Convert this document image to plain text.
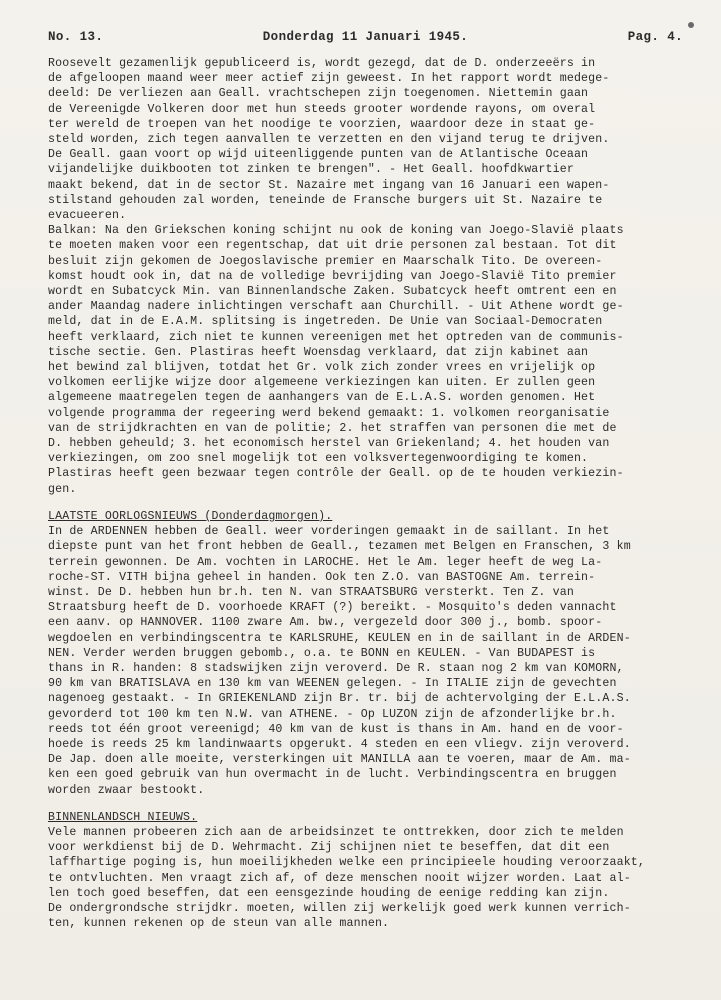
No. 13.	Donderdag 11 Januari 1945.	Pag. 4.

Roosevelt gezamenlijk gepubliceerd is, wordt gezegd, dat de D. onderzeeërs in
de afgeloopen maand weer meer actief zijn geweest. In het rapport wordt medege-
deeld: De verliezen aan Geall. vrachtschepen zijn toegenomen. Niettemin gaan
de Vereenigde Volkeren door met hun steeds grooter wordende rayons, om overal
ter wereld de troepen van het noodige te voorzien, waardoor deze in staat ge-
steld worden, zich tegen aanvallen te verzetten en den vijand terug te drijven.
De Geall. gaan voort op wijd uiteenliggende punten van de Atlantische Oceaan
vijandelijke duikbooten tot zinken te brengen". - Het Geall. hoofdkwartier
maakt bekend, dat in de sector St. Nazaire met ingang van 16 Januari een wapen-
stilstand gehouden zal worden, teneinde de Fransche burgers uit St. Nazaire te
evacueeren.

Balkan: Na den Griekschen koning schijnt nu ook de koning van Joego-Slavië plaats
te moeten maken voor een regentschap, dat uit drie personen zal bestaan. Tot dit
besluit zijn gekomen de Joegoslavische premier en Maarschalk Tito. De overeen-
komst houdt ook in, dat na de volledige bevrijding van Joego-Slavië Tito premier
wordt en Subatcyck Min. van Binnenlandsche Zaken. Subatcyck heeft omtrent een en
ander Maandag nadere inlichtingen verschaft aan Churchill. - Uit Athene wordt ge-
meld, dat in de E.A.M. splitsing is ingetreden. De Unie van Sociaal-Democraten
heeft verklaard, zich niet te kunnen vereenigen met het optreden van de communis-
tische sectie. Gen. Plastiras heeft Woensdag verklaard, dat zijn kabinet aan
het bewind zal blijven, totdat het Gr. volk zich zonder vrees en vrijelijk op
volkomen eerlijke wijze door algemeene verkiezingen kan uiten. Er zullen geen
algemeene maatregelen tegen de aanhangers van de E.L.A.S. worden genomen. Het
volgende programma der regeering werd bekend gemaakt: 1. volkomen reorganisatie
van de strijdkrachten en van de politie; 2. het straffen van personen die met de
D. hebben geheuld; 3. het economisch herstel van Griekenland; 4. het houden van
verkiezingen, om zoo snel mogelijk tot een volksvertegenwoordiging te komen.
Plastiras heeft geen bezwaar tegen contrôle der Geall. op de te houden verkiezin-
gen.

LAATSTE OORLOGSNIEUWS (Donderdagmorgen).

In de ARDENNEN hebben de Geall. weer vorderingen gemaakt in de saillant. In het
diepste punt van het front hebben de Geall., tezamen met Belgen en Franschen, 3 km
terrein gewonnen. De Am. vochten in LAROCHE. Het le Am. leger heeft de weg La-
roche-ST. VITH bijna geheel in handen. Ook ten Z.O. van BASTOGNE Am. terrein-
winst. De D. hebben hun br.h. ten N. van STRAATSBURG versterkt. Ten Z. van
Straatsburg heeft de D. voorhoede KRAFT (?) bereikt. - Mosquito's deden vannacht
een aanv. op HANNOVER. 1100 zware Am. bw., vergezeld door 300 j., bomb. spoor-
wegdoelen en verbindingscentra te KARLSRUHE, KEULEN en in de saillant in de ARDEN-
NEN. Verder werden bruggen gebomb., o.a. te BONN en KEULEN. - Van BUDAPEST is
thans in R. handen: 8 stadswijken zijn veroverd. De R. staan nog 2 km van KOMORN,
90 km van BRATISLAVA en 130 km van WEENEN gelegen. - In ITALIE zijn de gevechten
nagenoeg gestaakt. - In GRIEKENLAND zijn Br. tr. bij de achtervolging der E.L.A.S.
gevorderd tot 100 km ten N.W. van ATHENE. - Op LUZON zijn de afzonderlijke br.h.
reeds tot één groot vereenigd; 40 km van de kust is thans in Am. hand en de voor-
hoede is reeds 25 km landinwaarts opgerukt. 4 steden en een vliegv. zijn veroverd.
De Jap. doen alle moeite, versterkingen uit MANILLA aan te voeren, maar de Am. ma-
ken een goed gebruik van hun overmacht in de lucht. Verbindingscentra en bruggen
worden zwaar bestookt.

BINNENLANDSCH NIEUWS.

Vele mannen probeeren zich aan de arbeidsinzet te onttrekken, door zich te melden
voor werkdienst bij de D. Wehrmacht. Zij schijnen niet te beseffen, dat dit een
laffhartige poging is, hun moeilijkheden welke een principieele houding veroorzaakt,
te ontvluchten. Men vraagt zich af, of deze menschen nooit wijzer worden. Laat al-
len toch goed beseffen, dat een eensgezinde houding de eenige redding kan zijn.
De ondergrondsche strijdkr. moeten, willen zij werkelijk goed werk kunnen verrich-
ten, kunnen rekenen op de steun van alle mannen.
